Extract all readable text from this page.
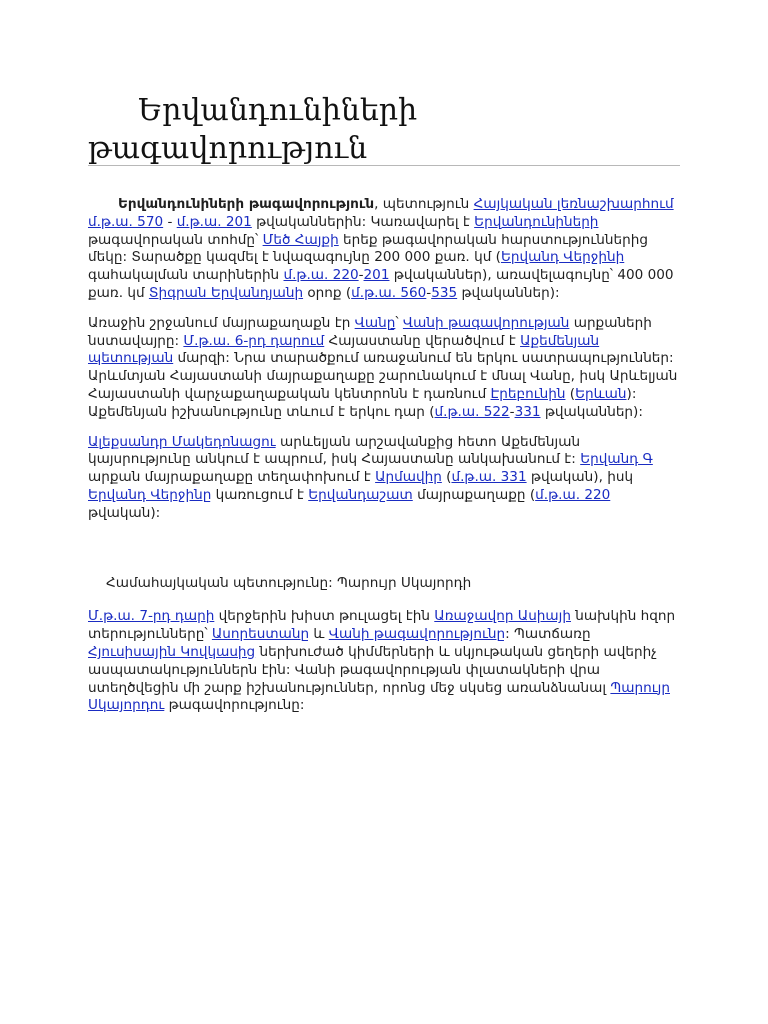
Երվանդունիների
թագավորություն

Երվանդունիների թագավորություն, պետություն Հայկական լեռնաշխարհում մ.թ.ա. 570 - մ.թ.ա. 201 թվականներին: Կառավարել է Երվանդունիների թագավորական տոհմը՝ Մեծ Հայքի երեք թագավորական հարստություններից մեկը: Տարածքը կազմել է նվազագույնը 200 000 քառ. կմ (Երվանդ Վերջինի գահակալման տարիներին մ.թ.ա. 220-201 թվականներ), առավելագույնը՝ 400 000 քառ. կմ Տիգրան Երվանդյանի օրոք (մ.թ.ա. 560-535 թվականներ):

Առաջին շրջանում մայրաքաղաքն էր Վանը՝ Վանի թագավորության արքաների նստավայրը: Մ.թ.ա. 6-րդ դարում Հայաստանը վերածվում է Աքեմենյան պետության մարզի: Նրա տարածքում առաջանում են երկու սատրապություններ: Արևմտյան Հայաստանի մայրաքաղաքը շարունակում է մնալ Վանը, իսկ Արևելյան Հայաստանի վարչաքաղաքական կենտրոնն է դառնում Էրեբունին (Երևան): Աքեմենյան իշխանությունը տևում է երկու դար (մ.թ.ա. 522-331 թվականներ):

Ալեքսանդր Մակեդոնացու արևելյան արշավանքից հետո Աքեմենյան կայսրությունը անկում է ապրում, իսկ Հայաստանը անկախանում է: Երվանդ Գ արքան մայրաքաղաքը տեղափոխում է Արմավիր (մ.թ.ա. 331 թվական), իսկ Երվանդ Վերջինը կառուցում է Երվանդաշատ մայրաքաղաքը (մ.թ.ա. 220 թվական):

Համահայկական պետությունը: Պարույր Սկայորդի

Մ.թ.ա. 7-րդ դարի վերջերին խիստ թուլացել էին Առաջավոր Ասիայի նախկին հզոր տերությունները՝ Ասորեստանը և Վանի թագավորությունը: Պատճառը Հյուսիսային Կովկասից ներխուժած կիմմերների և սկյութական ցեղերի ավերիչ ասպատակություններն էին: Վանի թագավորության փլատակների վրա ստեղծվեցին մի շարք իշխանություններ, որոնց մեջ սկսեց առանձնանալ Պարույր Սկայորդու թագավորությունը:
